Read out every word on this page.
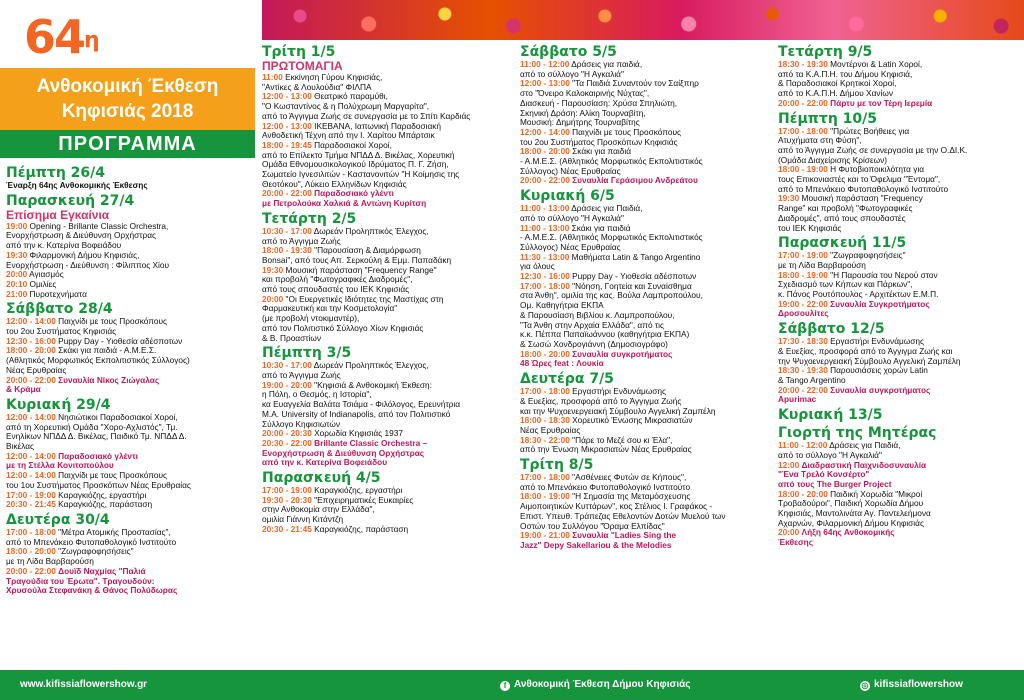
$64^\eta$
Ανθοκομική Έκθεση
Κηφισιάς 2018
ΠΡΟΓΡΑΜΜΑ
Πέμπτη 26/4
Έναρξη 64ης Ανθοκομικής Έκθεσης
Παρασκευή 27/4
Επίσημα Εγκαίνια
19:00 Opening - Brillante Classic Orchestra,
Ενορχήστρωση & Διεύθυνση Ορχήστρας
από την κ. Κατερίνα Βοφειάδου
19:30 Φιλαρμονική Δήμου Κηφισιάς,
Ενορχήστρωση - Διεύθυνση : Φίλιππος Χίου
20:00 Αγιασμός
20:10 Ομιλίες
21:00 Πυροτεχνήματα
Σάββατο 28/4
12:00 - 14:00 Παιχνίδι με τους Προσκόπους
του 2ου Συστήματος Κηφισιάς
12:30 - 16:00 Puppy Day - Υιοθεσία αδέσποτων
18:00 - 20:00 Σκάκι για παιδιά - Α.Μ.Ε.Σ.
(Αθλητικός Μορφωτικός Εκπολιτιστικός Σύλλογος)
Νέας Ερυθραίας
20:00 - 22:00 Συναυλία Νίκος Ζιώγαλας
& Κράμα
Κυριακή 29/4
12:00 - 14:00 Νησιώτικοι Παραδοσιακοί Χοροί,
από τη Χορευτική Ομάδα "Χορο-Αχλιστός", Τμ.
Ενηλίκων ΝΠΔΔ Δ. Βικέλας, Παιδικό Τμ. ΝΠΔΔ Δ.
Βικέλας
12:00 - 14:00 Παραδοσιακό γλέντι
με τη Στέλλα Κονιτοπούλου
12:00 - 14:00 Παιχνίδι με τους Προσκόπους
του 1ου Συστήματος Προσκόπων Νέας Ερυθραίας
17:00 - 19:00 Καραγκιόζης, εργαστήρι
20:30 - 21:45 Καραγκιόζης, παράσταση
Δευτέρα 30/4
17:00 - 18:00 "Μέτρα Ατομικής Προστασίας",
από το Μπενάκειο Φυτοπαθολογικό Ινστιτούτο
18:00 - 20:00 "Ζωγραφοφησήσεις"
με τη Λίδα Βαρβαρούση
20:00 - 22:00 Δουϊδ Ναχμίας "Παλιά
Τραγούδια του Έρωτα". Τραγουδούν:
Χρυσούλα Στεφανάκη & Θάνος Πολύδωρας
Τρίτη 1/5
ΠΡΩΤΟΜΑΓΙΑ
11:00 Εκκίνηση Γύρου Κηφισιάς,
"Αντίκες & Λουλούδια" ΦΙΛΠΑ
12:00 - 13:00 Θεατρικό παραμύθι,
"Ο Κωσταντίνος & η Πολύχρωμη Μαργαρίτα",
από το Άγγιγμα Ζωής σε συνεργασία με το Σπίτι Καρδιάς
12:00 - 13:00 IKEBANA, Ιαπωνική Παραδοσιακή
Ανθοδετική Τέχνη από την Ι. Χαρίτου Μπάρτσικ
18:00 - 19:45 Παραδοσιακοί Χοροί,
από το Επίλεκτο Τμήμα ΝΠΔΔ Δ. Βικέλας, Χορευτική
Ομάδα Εθνομουσικολογικού Ιδρύματος Π. Γ. Ζήση,
Σωματείο Ιγνεσιλιτών - Καστανονιτών "Η Κοίμησις της
Θεοτόκου", Λύκειο Ελληνίδων Κηφισιάς
20:00 - 22:00 Παραδοσιακό γλέντι
με Πετρολούκα Χαλκιά & Αντώνη Κυρίτση
Τετάρτη 2/5
10:30 - 17:00 Δωρεάν Προληπτικός Έλεγχος,
από το Άγγιγμα Ζωής
18:00 - 19:30 "Παρουσίαση & Διαμόρφωση
Bonsai", από τους Απ. Σερκούλη & Εμμ. Παπαδάκη
19:30 Μουσική παράσταση "Frequency Range"
και προβολή "Φωτογραφικές Διαδρομές",
από τους σπουδαστές του ΙΕΚ Κηφισιάς
20:00 "Οι Ευεργετικές Ιδιότητες της Μαστίχας στη
Φαρμακευτική και την Κοσμετολογία"
(με προβολή ντοκιμαντέρ),
από τον Πολιτιστικό Σύλλογο Χίων Κηφισιάς
& Β. Προαστίων
Πέμπτη 3/5
10:30 - 17:00 Δωρεάν Προληπτικός Έλεγχος,
από το Άγγιγμα Ζωής
19:00 - 20:00 "Κηφισιά & Ανθοκομική Έκθεση:
η Πόλη, ο Θεσμός, η Ιστορία",
κα Ευαγγελία Βαλάτα Τσιάμα - Φιλόλογος, Ερευνήτρια
M.A. University of Indianapolis, από τον Πολιτιστικό
Σύλλογο Κηφισιωτών
20:00 - 20:30 Χορωδία Κηφισιάς 1937
20:30 - 22:00 Brillante Classic Orchestra –
Ενορχήστρωση & Διεύθυνση Ορχήστρας
από την κ. Κατερίνα Βοφειάδου
Παρασκευή 4/5
17:00 - 19:00 Καραγκιόζης, εργαστήρι
19:30 - 20:30 "Επιχειρηματικές Ευκαιρίες
στην Ανθοκομία στην Ελλάδα",
ομιλία Γιάννη Κιτάντζη
20:30 - 21:45 Καραγκιόζης, παράσταση
Σάββατο 5/5
11:00 - 12:00 Δράσεις για παιδιά,
από το σύλλογο "Η Αγκαλιά"
12:00 - 13:00 "Τα Παιδιά Συναντούν τον Σαίξπηρ
στο "Όνειρο Καλοκαιρινής Νύχτας",
Διασκευή - Παρουσίαση: Χρύσα Σπηλιώτη,
Σκηνική Δράση: Αλίκη Τουρναβίτη,
Μουσική: Δημήτρης Τουρναβίτης
12:00 - 14:00 Παιχνίδι με τους Προσκόπους
του 2ου Συστήματος Προσκόπων Κηφισιάς
18:00 - 20:00 Σκάκι για παιδιά
- Α.Μ.Ε.Σ. (Αθλητικός Μορφωτικός Εκπολιτιστικός
Σύλλογος) Νέας Ερυθραίας
20:00 - 22:00 Συναυλία Γεράσιμου Ανδρεάτου
Κυριακή 6/5
11:00 - 13:00 Δράσεις για Παιδιά,
από το σύλλογο "Η Αγκαλιά"
11:00 - 13:00 Σκάκι για παιδιά
- Α.Μ.Ε.Σ. (Αθλητικός Μορφωτικός Εκπολιτιστικός
Σύλλογος) Νέας Ερυθραίας
11:30 - 13:00 Μαθήματα Latin & Tango Argentino
για όλους
12:30 - 16:00 Puppy Day - Υιοθεσία αδέσποτων
17:00 - 18:00 "Νόηση, Γοητεία και Συναίσθημα
στα Άνθη", ομιλία της κας. Βούλα Λαμπροπούλου,
Ομ. Καθηγήτρια ΕΚΠΑ
& Παρουσίαση Βιβλίου κ. Λαμπροπούλου,
"Τα Άνθη στην Αρχαία Ελλάδα", από τις
κ.κ. Πέππα Παπαϊωάννου (καθηγήτρια ΕΚΠΑ)
& Σωσώ Χονδρογιάννη (Δημοσιογράφο)
18:00 - 20:00 Συναυλία συγκροτήματος
48 Ώρες feat : Λουκία
Δευτέρα 7/5
17:00 - 18:00 Εργαστήρι Ενδυνάμωσης
& Ευεξίας, προσφορά από το Άγγιγμα Ζωής
και την Ψυχοενεργειακή Σύμβουλο Αγγελική Ζαμπέλη
18:00 - 18:30 Χορευτικό Ένωσης Μικρασιατών
Νέας Ερυθραίας
18:30 - 22:00 "Πάρε το Μεζέ σου κι Έλα",
από την Ένωση Μικρασιατών Νέας Ερυθραίας
Τρίτη 8/5
17:00 - 18:00 "Ασθένειες Φυτών σε Κήπους",
από το Μπενάκειο Φυτοπαθολογικό Ινστιτούτο
18:00 - 19:00 "Η Σημασία της Μεταμόσχευσης
Αιμοποιητικών Κυττάρων", κος Στέλιος Ι. Γραφάκος -
Επιστ. Υπευθ. Τράπεζας Εθελοντών Δοτών Μυελού των
Οστών του Συλλόγου "Όραμα Ελπίδας"
19:00 - 21:00 Συναυλία "Ladies Sing the
Jazz" Depy Sakellariou & the Melodies
Τετάρτη 9/5
18:30 - 19:30 Μοντέρνοι & Latin Χοροί,
από τα Κ.Α.Π.Η. του Δήμου Κηφισιά,
& Παραδοσιακοί Κρητικοί Χοροί,
από το Κ.Α.Π.Η. Δήμου Χανίων
20:00 - 22:00 Πάρτυ με τον Τέρη Ιερεμία
Πέμπτη 10/5
17:00 - 18:00 "Πρώτες Βοήθειες για
Ατυχήματα στη Φύση",
από το Άγγιγμα Ζωής σε συνεργασία με την Ο.ΔΙ.Κ.
(Ομάδα Διαχείρισης Κρίσεων)
18:00 - 19:00 Η Φυτοβιοποικιλότητα για
τους Επικονιαστές και το Όφελιμα "Έντομα",
από το Μπενάκειο Φυτοπαθολογικό Ινστιτούτο
19:30 Μουσική παράσταση "Frequency
Range" και προβολή "Φωτογραφικές
Διαδρομές", από τους σπουδαστές
του ΙΕΚ Κηφισιάς
Παρασκευή 11/5
17:00 - 19:00 "Ζωγραφοφησήσεις"
με τη Λίδα Βαρβαρούση
18:00 - 19:00 "Η Παρουσία του Νερού στον
Σχεδιασμό των Κήπων και Πάρκων",
κ. Πάνος Ρουτόπουλος - Αρχιτέκτων Ε.Μ.Π.
19:00 - 22:00 Συναυλία Συγκροτήματος
Δροσουλίτες
Σάββατο 12/5
17:30 - 18:30 Εργαστήρι Ενδυνάμωσης
& Ευεξίας, προσφορά από το Άγγιγμα Ζωής και
την Ψυχοενεργειακή Σύμβουλο Αγγελική Ζαμπέλη
18:30 - 19:30 Παρουσιάσεις χορών Latin
& Tango Argentino
20:00 - 22:00 Συναυλία συγκροτήματος
Apurimac
Κυριακή 13/5
Γιορτή της Μητέρας
11:00 - 12:00 Δράσεις για Παιδιά,
από το σύλλογο "Η Αγκαλιά"
12:00 Διαδραστική Παιχνιδοσυναυλία
"Ένα Τρελό Κονσέρτο"
από τους The Burger Project
18:00 - 20:00 Παιδική Χορωδία "Μικροί
Τροβαδούροι", Παιδική Χορωδία Δήμου
Κηφισιάς, Μαντολινάτα Αγ. Παντελεήμονα
Αχαρνών, Φιλαρμονική Δήμου Κηφισιάς
20:00 Λήξη 64ης Ανθοκομικής
Έκθεσης
www.kifissiaflowershow.gr	f Ανθοκομική Έκθεση Δήμου Κηφισιάς	◎ kifissiaflowershow
